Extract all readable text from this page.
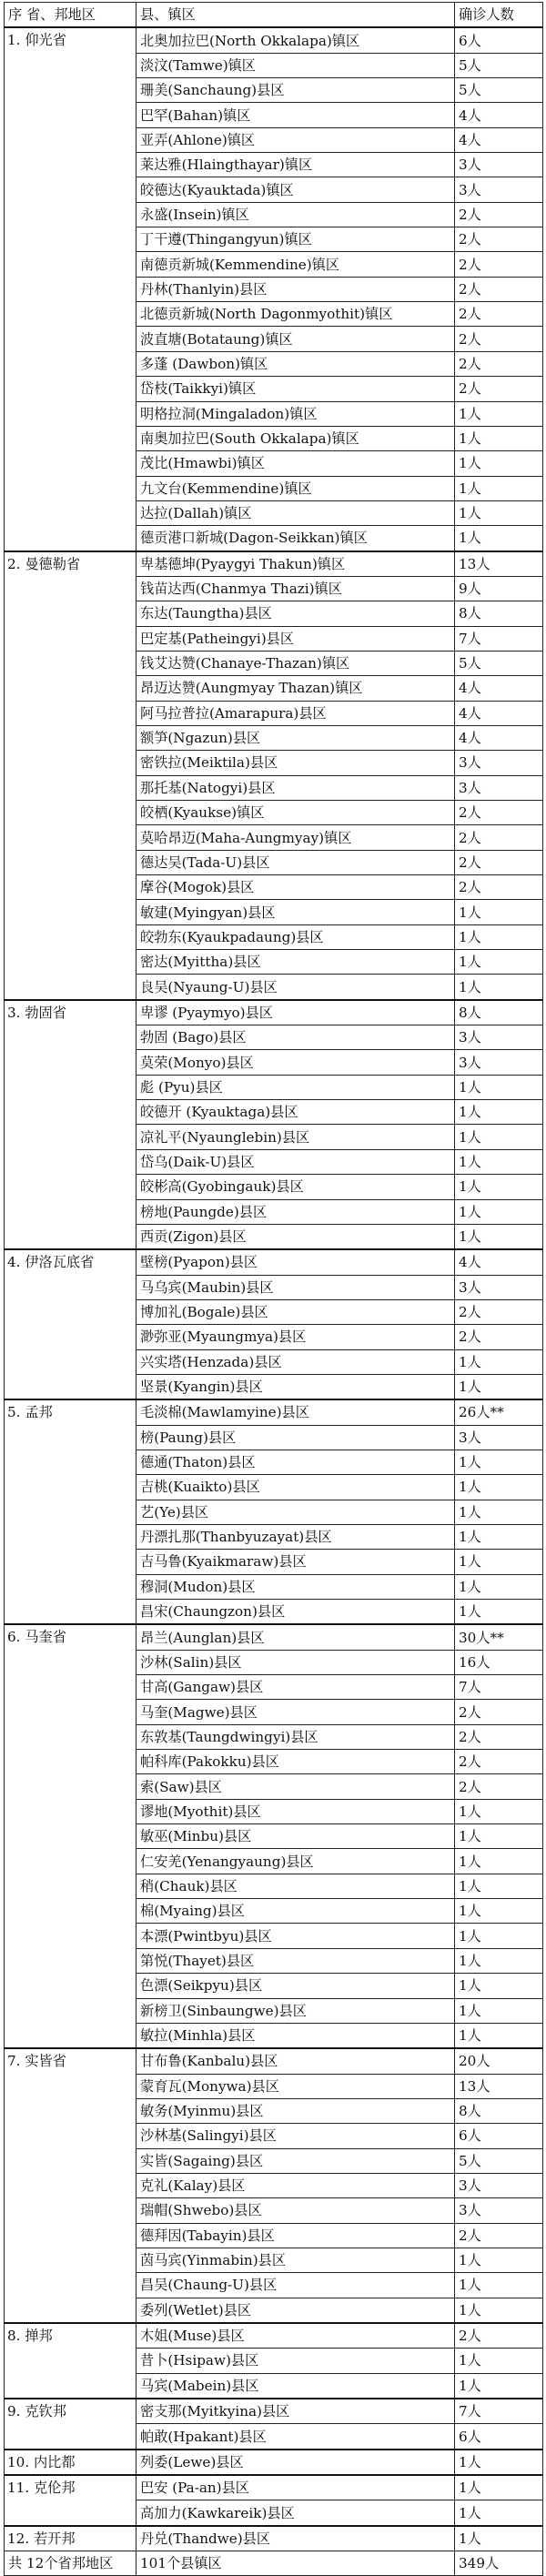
序 省、邦地区	县、镇区	确诊人数
1. 仰光省	北奥加拉巴(North Okkalapa)镇区	6人
	淡汶(Tamwe)镇区	5人
	珊美(Sanchaung)县区	5人
	巴罕(Bahan)镇区	4人
	亚弄(Ahlone)镇区	4人
	莱达雅(Hlaingthayar)镇区	3人
	皎德达(Kyauktada)镇区	3人
	永盛(Insein)镇区	2人
	丁干遵(Thingangyun)镇区	2人
	南德贡新城(Kemmendine)镇区	2人
	丹林(Thanlyin)县区	2人
	北德贡新城(North Dagonmyothit)镇区	2人
	波直塘(Botataung)镇区	2人
	多蓬 (Dawbon)镇区	2人
	岱枝(Taikkyi)镇区	2人
	明格拉洞(Mingaladon)镇区	1人
	南奥加拉巴(South Okkalapa)镇区	1人
	茂比(Hmawbi)镇区	1人
	九文台(Kemmendine)镇区	1人
	达拉(Dallah)镇区	1人
	德贡港口新城(Dagon-Seikkan)镇区	1人
2. 曼德勒省	卑基德坤(Pyaygyi Thakun)镇区	13人
	钱苗达西(Chanmya Thazi)镇区	9人
	东达(Taungtha)县区	8人
	巴定基(Patheingyi)县区	7人
	钱艾达赞(Chanaye-Thazan)镇区	5人
	昂迈达赞(Aungmyay Thazan)镇区	4人
	阿马拉普拉(Amarapura)县区	4人
	额笋(Ngazun)县区	4人
	密铁拉(Meiktila)县区	3人
	那托基(Natogyi)县区	3人
	皎栖(Kyaukse)镇区	2人
	莫哈昂迈(Maha-Aungmyay)镇区	2人
	德达吴(Tada-U)县区	2人
	摩谷(Mogok)县区	2人
	敏建(Myingyan)县区	1人
	皎勃东(Kyaukpadaung)县区	1人
	密达(Myittha)县区	1人
	良吴(Nyaung-U)县区	1人
3. 勃固省	卑谬 (Pyaymyo)县区	8人
	勃固 (Bago)县区	3人
	莫荣(Monyo)县区	3人
	彪 (Pyu)县区	1人
	皎德开 (Kyauktaga)县区	1人
	凉礼平(Nyaunglebin)县区	1人
	岱乌(Daik-U)县区	1人
	皎彬高(Gyobingauk)县区	1人
	榜地(Paungde)县区	1人
	西贡(Zigon)县区	1人
4. 伊洛瓦底省	壁榜(Pyapon)县区	4人
	马乌宾(Maubin)县区	3人
	博加礼(Bogale)县区	2人
	渺弥亚(Myaungmya)县区	2人
	兴实塔(Henzada)县区	1人
	坚景(Kyangin)县区	1人
5. 孟邦	毛淡棉(Mawlamyine)县区	26人**
	榜(Paung)县区	3人
	德通(Thaton)县区	1人
	吉桃(Kuaikto)县区	1人
	艺(Ye)县区	1人
	丹漂扎那(Thanbyuzayat)县区	1人
	吉马鲁(Kyaikmaraw)县区	1人
	穆洞(Mudon)县区	1人
	昌宋(Chaungzon)县区	1人
6. 马奎省	昂兰(Aunglan)县区	30人**
	沙林(Salin)县区	16人
	甘高(Gangaw)县区	7人
	马奎(Magwe)县区	2人
	东敦基(Taungdwingyi)县区	2人
	帕科库(Pakokku)县区	2人
	索(Saw)县区	2人
	谬地(Myothit)县区	1人
	敏巫(Minbu)县区	1人
	仁安羌(Yenangyaung)县区	1人
	稍(Chauk)县区	1人
	棉(Myaing)县区	1人
	本漂(Pwintbyu)县区	1人
	第悦(Thayet)县区	1人
	色漂(Seikpyu)县区	1人
	新榜卫(Sinbaungwe)县区	1人
	敏拉(Minhla)县区	1人
7. 实皆省	甘布鲁(Kanbalu)县区	20人
	蒙育瓦(Monywa)县区	13人
	敏务(Myinmu)县区	8人
	沙林基(Salingyi)县区	6人
	实皆(Sagaing)县区	5人
	克礼(Kalay)县区	3人
	瑞帽(Shwebo)县区	3人
	德拜因(Tabayin)县区	2人
	茵马宾(Yinmabin)县区	1人
	昌吴(Chaung-U)县区	1人
	委列(Wetlet)县区	1人
8. 掸邦	木姐(Muse)县区	2人
	昔卜(Hsipaw)县区	1人
	马宾(Mabein)县区	1人
9. 克钦邦	密支那(Myitkyina)县区	7人
	帕敢(Hpakant)县区	6人
10. 内比都	列委(Lewe)县区	1人
11. 克伦邦	巴安 (Pa-an)县区	1人
	高加力(Kawkareik)县区	1人
12. 若开邦	丹兑(Thandwe)县区	1人
共 12个省邦地区	101个县镇区	349人
